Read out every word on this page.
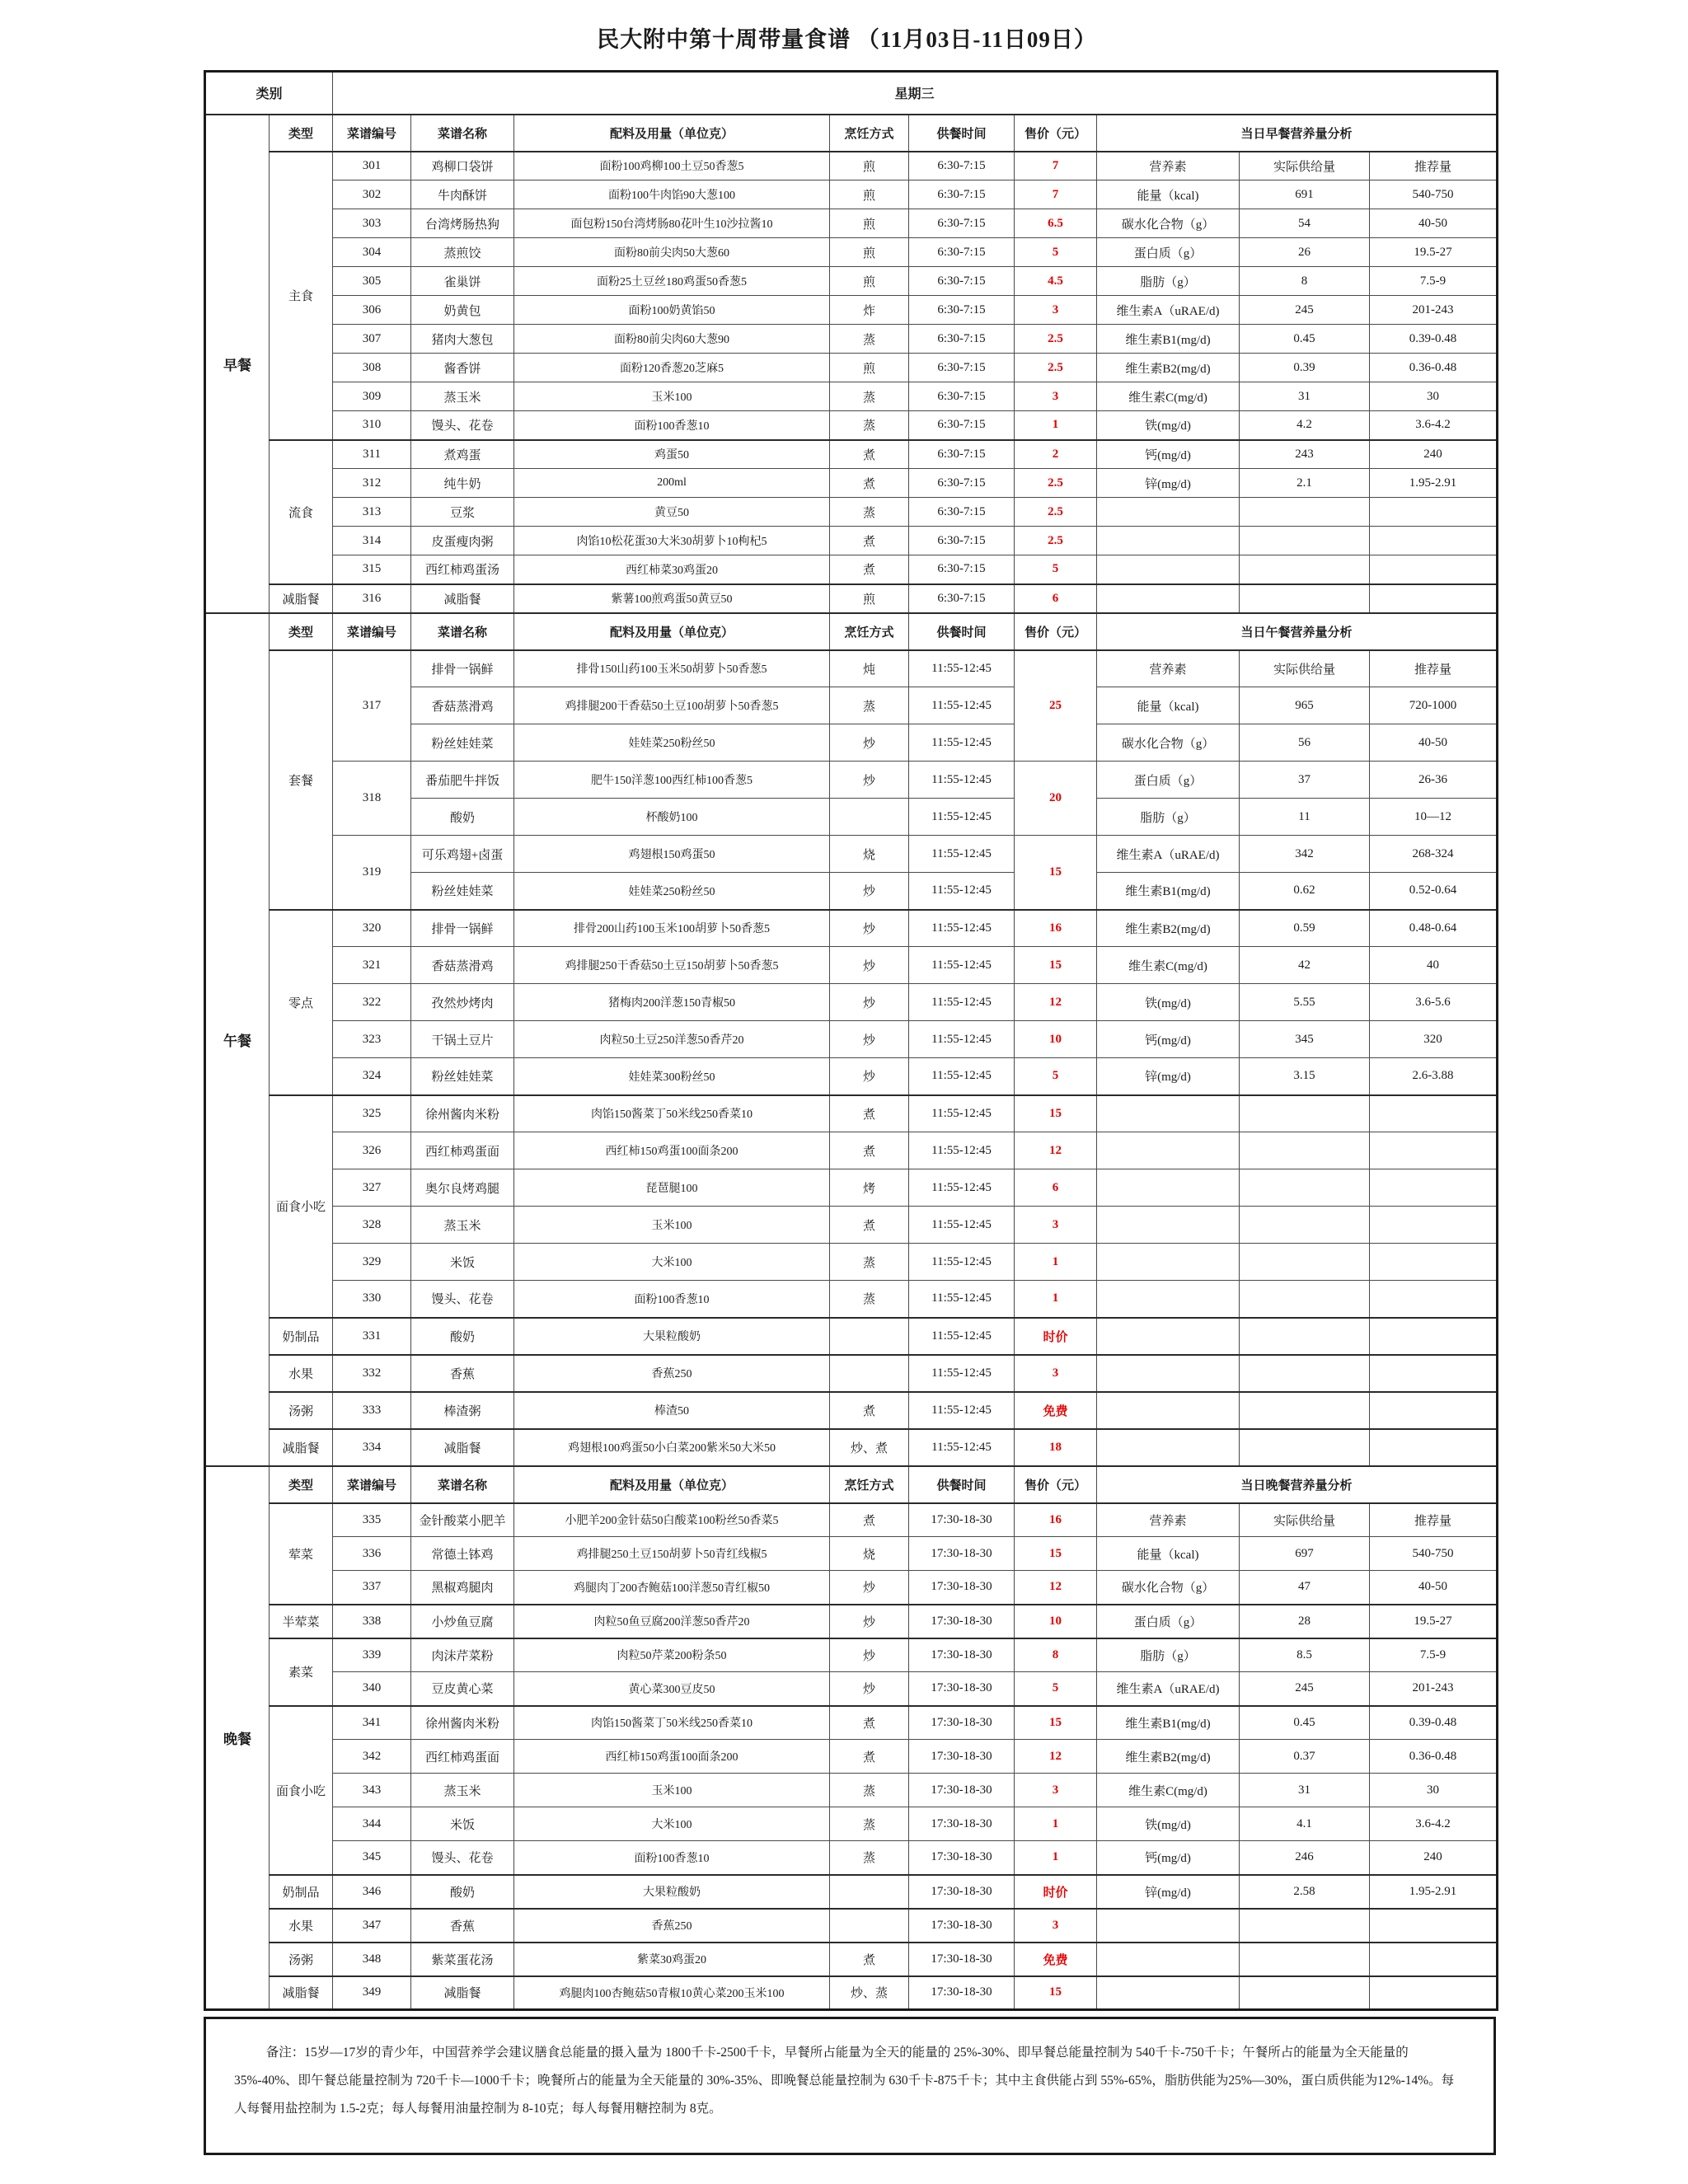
民大附中第十周带量食谱 （11月03日-11日09日）
类别		星期三								
早餐	类型	菜谱编号	菜谱名称	配料及用量（单位克）	烹饪方式	供餐时间	售价（元）	当日早餐营养量分析		
	主食	301	鸡柳口袋饼	面粉100鸡柳100土豆50香葱5	煎	6:30-7:15	7	营养素	实际供给量	推荐量
		302	牛肉酥饼	面粉100牛肉馅90大葱100	煎	6:30-7:15	7	能量（kcal)	691	540-750
		303	台湾烤肠热狗	面包粉150台湾烤肠80花叶生10沙拉酱10	煎	6:30-7:15	6.5	碳水化合物（g）	54	40-50
		304	蒸煎饺	面粉80前尖肉50大葱60	煎	6:30-7:15	5	蛋白质（g）	26	19.5-27
		305	雀巢饼	面粉25土豆丝180鸡蛋50香葱5	煎	6:30-7:15	4.5	脂肪（g）	8	7.5-9
		306	奶黄包	面粉100奶黄馅50	炸	6:30-7:15	3	维生素A（uRAE/d)	245	201-243
		307	猪肉大葱包	面粉80前尖肉60大葱90	蒸	6:30-7:15	2.5	维生素B1(mg/d)	0.45	0.39-0.48
		308	酱香饼	面粉120香葱20芝麻5	煎	6:30-7:15	2.5	维生素B2(mg/d)	0.39	0.36-0.48
		309	蒸玉米	玉米100	蒸	6:30-7:15	3	维生素C(mg/d)	31	30
		310	馒头、花卷	面粉100香葱10	蒸	6:30-7:15	1	铁(mg/d)	4.2	3.6-4.2
	流食	311	煮鸡蛋	鸡蛋50	煮	6:30-7:15	2	钙(mg/d)	243	240
		312	纯牛奶	200ml	煮	6:30-7:15	2.5	锌(mg/d)	2.1	1.95-2.91
		313	豆浆	黄豆50	蒸	6:30-7:15	2.5			
		314	皮蛋瘦肉粥	肉馅10松花蛋30大米30胡萝卜10枸杞5	煮	6:30-7:15	2.5			
		315	西红柿鸡蛋汤	西红柿菜30鸡蛋20	煮	6:30-7:15	5			
	减脂餐	316	减脂餐	紫薯100煎鸡蛋50黄豆50	煎	6:30-7:15	6			
午餐	类型	菜谱编号	菜谱名称	配料及用量（单位克）	烹饪方式	供餐时间	售价（元）	当日午餐营养量分析		
	套餐	317	排骨一锅鲜	排骨150山药100玉米50胡萝卜50香葱5	炖	11:55-12:45	25	营养素	实际供给量	推荐量
			香菇蒸滑鸡	鸡排腿200干香菇50土豆100胡萝卜50香葱5	蒸	11:55-12:45		能量（kcal)	965	720-1000
			粉丝娃娃菜	娃娃菜250粉丝50	炒	11:55-12:45		碳水化合物（g）	56	40-50
		318	番茄肥牛拌饭	肥牛150洋葱100西红柿100香葱5	炒	11:55-12:45	20	蛋白质（g）	37	26-36
			酸奶	杯酸奶100		11:55-12:45		脂肪（g）	11	10—12
		319	可乐鸡翅+卤蛋	鸡翅根150鸡蛋50	烧	11:55-12:45	15	维生素A（uRAE/d)	342	268-324
			粉丝娃娃菜	娃娃菜250粉丝50	炒	11:55-12:45		维生素B1(mg/d)	0.62	0.52-0.64
	零点	320	排骨一锅鲜	排骨200山药100玉米100胡萝卜50香葱5	炒	11:55-12:45	16	维生素B2(mg/d)	0.59	0.48-0.64
		321	香菇蒸滑鸡	鸡排腿250干香菇50土豆150胡萝卜50香葱5	炒	11:55-12:45	15	维生素C(mg/d)	42	40
		322	孜然炒烤肉	猪梅肉200洋葱150青椒50	炒	11:55-12:45	12	铁(mg/d)	5.55	3.6-5.6
		323	干锅土豆片	肉粒50土豆250洋葱50香芹20	炒	11:55-12:45	10	钙(mg/d)	345	320
		324	粉丝娃娃菜	娃娃菜300粉丝50	炒	11:55-12:45	5	锌(mg/d)	3.15	2.6-3.88
	面食小吃	325	徐州酱肉米粉	肉馅150酱菜丁50米线250香菜10	煮	11:55-12:45	15			
		326	西红柿鸡蛋面	西红柿150鸡蛋100面条200	煮	11:55-12:45	12			
		327	奥尔良烤鸡腿	琵琶腿100	烤	11:55-12:45	6			
		328	蒸玉米	玉米100	煮	11:55-12:45	3			
		329	米饭	大米100	蒸	11:55-12:45	1			
		330	馒头、花卷	面粉100香葱10	蒸	11:55-12:45	1			
	奶制品	331	酸奶	大果粒酸奶		11:55-12:45	时价			
	水果	332	香蕉	香蕉250		11:55-12:45	3			
	汤粥	333	棒渣粥	棒渣50	煮	11:55-12:45	免费			
	减脂餐	334	减脂餐	鸡翅根100鸡蛋50小白菜200紫米50大米50	炒、煮	11:55-12:45	18			
晚餐	类型	菜谱编号	菜谱名称	配料及用量（单位克）	烹饪方式	供餐时间	售价（元）	当日晚餐营养量分析		
	荤菜	335	金针酸菜小肥羊	小肥羊200金针菇50白酸菜100粉丝50香菜5	煮	17:30-18-30	16	营养素	实际供给量	推荐量
		336	常德土钵鸡	鸡排腿250土豆150胡萝卜50青红线椒5	烧	17:30-18-30	15	能量（kcal)	697	540-750
		337	黑椒鸡腿肉	鸡腿肉丁200杏鲍菇100洋葱50青红椒50	炒	17:30-18-30	12	碳水化合物（g）	47	40-50
	半荤菜	338	小炒鱼豆腐	肉粒50鱼豆腐200洋葱50香芹20	炒	17:30-18-30	10	蛋白质（g）	28	19.5-27
	素菜	339	肉沫芹菜粉	肉粒50芹菜200粉条50	炒	17:30-18-30	8	脂肪（g）	8.5	7.5-9
		340	豆皮黄心菜	黄心菜300豆皮50	炒	17:30-18-30	5	维生素A（uRAE/d)	245	201-243
	面食小吃	341	徐州酱肉米粉	肉馅150酱菜丁50米线250香菜10	煮	17:30-18-30	15	维生素B1(mg/d)	0.45	0.39-0.48
		342	西红柿鸡蛋面	西红柿150鸡蛋100面条200	煮	17:30-18-30	12	维生素B2(mg/d)	0.37	0.36-0.48
		343	蒸玉米	玉米100	蒸	17:30-18-30	3	维生素C(mg/d)	31	30
		344	米饭	大米100	蒸	17:30-18-30	1	铁(mg/d)	4.1	3.6-4.2
		345	馒头、花卷	面粉100香葱10	蒸	17:30-18-30	1	钙(mg/d)	246	240
	奶制品	346	酸奶	大果粒酸奶		17:30-18-30	时价	锌(mg/d)	2.58	1.95-2.91
	水果	347	香蕉	香蕉250		17:30-18-30	3			
	汤粥	348	紫菜蛋花汤	紫菜30鸡蛋20	煮	17:30-18-30	免费			
	减脂餐	349	减脂餐	鸡腿肉100杏鲍菇50青椒10黄心菜200玉米100	炒、蒸	17:30-18-30	15			
备注：15岁—17岁的青少年，中国营养学会建议膳食总能量的摄入量为 1800千卡-2500千卡，早餐所占能量为全天的能量的 25%-30%、即早餐总能量控制为 540千卡-750千卡；午餐所占的能量为全天能量的35%-40%、即午餐总能量控制为 720千卡—1000千卡；晚餐所占的能量为全天能量的 30%-35%、即晚餐总能量控制为 630千卡-875千卡；其中主食供能占到 55%-65%，脂肪供能为25%—30%，蛋白质供能为12%-14%。每人每餐用盐控制为 1.5-2克；每人每餐用油量控制为 8-10克；每人每餐用糖控制为 8克。
